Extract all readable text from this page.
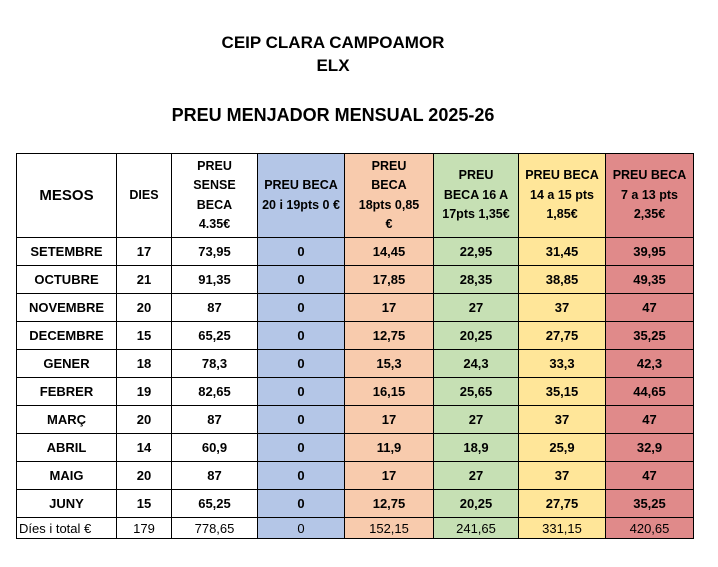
CEIP CLARA CAMPOAMOR
ELX
PREU MENJADOR MENSUAL 2025-26
MESOS	DIES	PREU SENSE BECA 4.35€	PREU BECA 20 i 19pts 0 €	PREU BECA 18pts 0,85 €	PREU BECA 16 A 17pts 1,35€	PREU BECA 14 a 15 pts 1,85€	PREU BECA 7 a 13 pts 2,35€
SETEMBRE	17	73,95	0	14,45	22,95	31,45	39,95
OCTUBRE	21	91,35	0	17,85	28,35	38,85	49,35
NOVEMBRE	20	87	0	17	27	37	47
DECEMBRE	15	65,25	0	12,75	20,25	27,75	35,25
GENER	18	78,3	0	15,3	24,3	33,3	42,3
FEBRER	19	82,65	0	16,15	25,65	35,15	44,65
MARÇ	20	87	0	17	27	37	47
ABRIL	14	60,9	0	11,9	18,9	25,9	32,9
MAIG	20	87	0	17	27	37	47
JUNY	15	65,25	0	12,75	20,25	27,75	35,25
Díes i total €	179	778,65	0	152,15	241,65	331,15	420,65
